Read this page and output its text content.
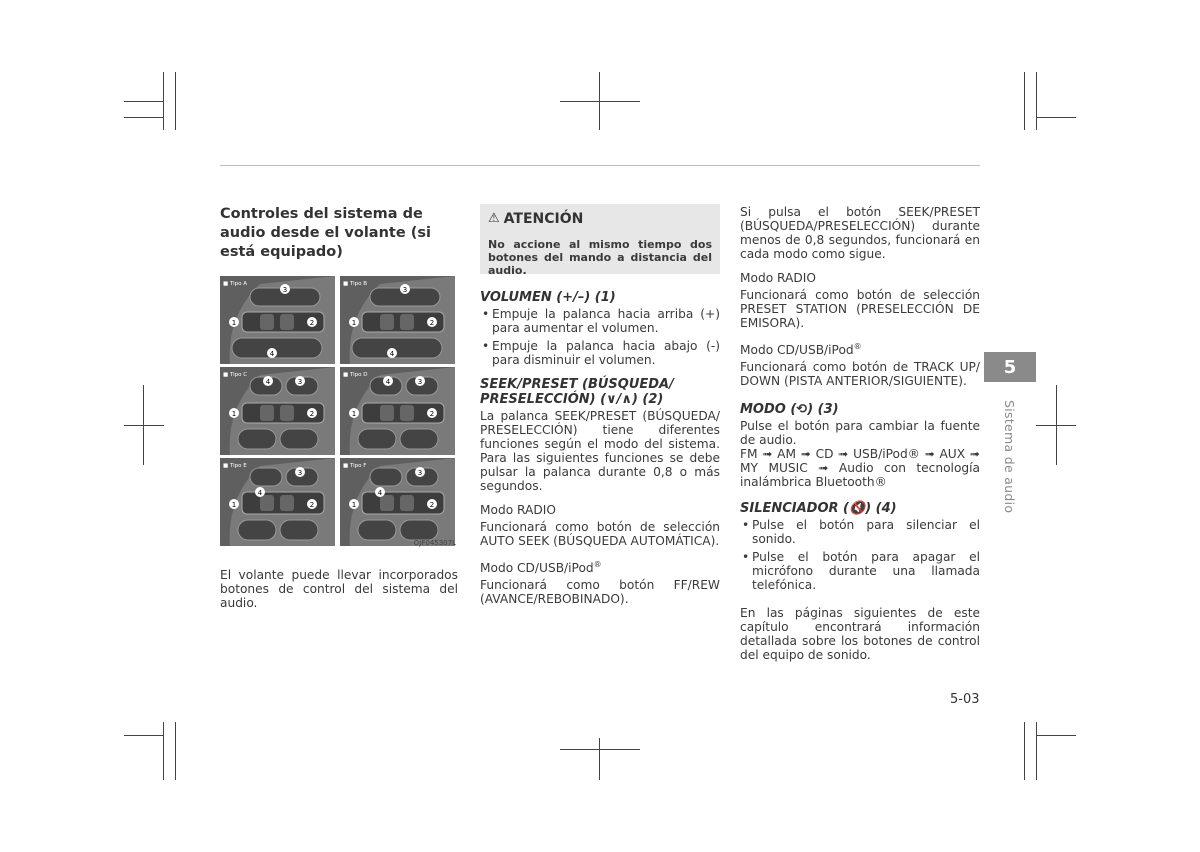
Controles del sistema de audio desde el volante (si está equipado)
■ Tipo A
3
1	2
4
■ Tipo B
3
1	2
4
■ Tipo C
4	3
1	2
■ Tipo D
4	3
1	2
■ Tipo E
3
4
1	2
■ Tipo F
3
4
1	2
OJF045307L

El volante puede llevar incorporados botones de control del sistema del audio.

⚠ ATENCIÓN

No accione al mismo tiempo dos botones del mando a distancia del audio.

VOLUMEN (+/–) (1)
• Empuje la palanca hacia arriba (+) para aumentar el volumen.
• Empuje la palanca hacia abajo (-) para disminuir el volumen.
SEEK/PRESET (BÚSQUEDA/ PRESELECCIÓN) (∨/∧) (2)

La palanca SEEK/PRESET (BÚSQUEDA/ PRESELECCIÓN) tiene diferentes funciones según el modo del sistema. Para las siguientes funciones se debe pulsar la palanca durante 0,8 o más segundos.

Modo RADIO

Funcionará como botón de selección AUTO SEEK (BÚSQUEDA AUTOMÁTICA).

Modo CD/USB/iPod®

Funcionará como botón FF/REW (AVANCE/REBOBINADO).

Si pulsa el botón SEEK/PRESET (BÚSQUEDA/PRESELECCIÓN) durante menos de 0,8 segundos, funcionará en cada modo como sigue.

Modo RADIO

Funcionará como botón de selección PRESET STATION (PRESELECCIÓN DE EMISORA).

Modo CD/USB/iPod®

Funcionará como botón de TRACK UP/ DOWN (PISTA ANTERIOR/SIGUIENTE).

MODO (⟲) (3)

Pulse el botón para cambiar la fuente de audio.

FM ➟ AM ➟ CD ➟ USB/iPod® ➟ AUX ➟ MY MUSIC ➟ Audio con tecnología inalámbrica Bluetooth®

SILENCIADOR (🔇) (4)
• Pulse el botón para silenciar el sonido.
• Pulse el botón para apagar el micrófono durante una llamada telefónica.

En las páginas siguientes de este capítulo encontrará información detallada sobre los botones de control del equipo de sonido.

5
Sistema de audio
5-03
